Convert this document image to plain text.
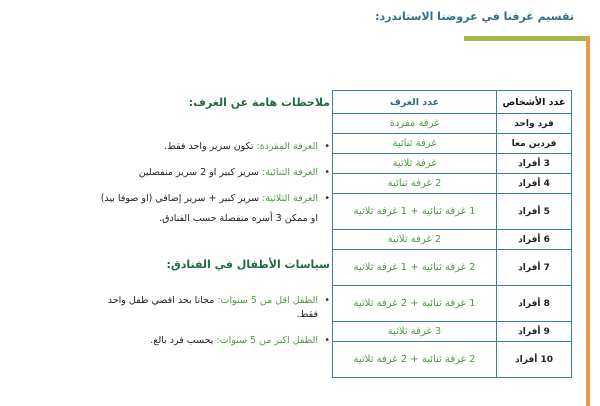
تقسيم غرفنا في عروضنا الاستاندرد:
ملاحظات هامة عن الغرف:
• الغرفة المفردة: تكون سرير واحد فقط.
• الغرفة الثنائية: سرير كبير او 2 سرير منفصلين
• الغرفة الثلاثية: سرير كبير + سرير إضافي (او صوفا بيد)
او ممكن 3 أسره منفصلة حسب الفنادق.
سياسات الأطفال في الفنادق:
• الطفل اقل من 5 سنوات: مجانا بحد اقصي طفل واحد فقط.
• الطفل اكبر من 5 سنوات: يحسب فرد بالغ.
عدد الأشخاص	عدد الغرف
فرد واحد	غرفة مفردة
فردين معا	غرفة ثنائية
3 أفراد	غرفة ثلاثية
4 أفراد	2 غرفة ثنائية
5 أفراد	1 غرفة ثنائية + 1 غرفة ثلاثية
6 أفراد	2 غرفة ثلاثية
7 أفراد	2 غرفة ثنائية + 1 غرفة ثلاثية
8 أفراد	1 غرفة ثنائية + 2 غرفة ثلاثية
9 أفراد	3 غرفة ثلاثية
10 أفراد	2 غرفة ثنائية + 2 غرفة ثلاثية
